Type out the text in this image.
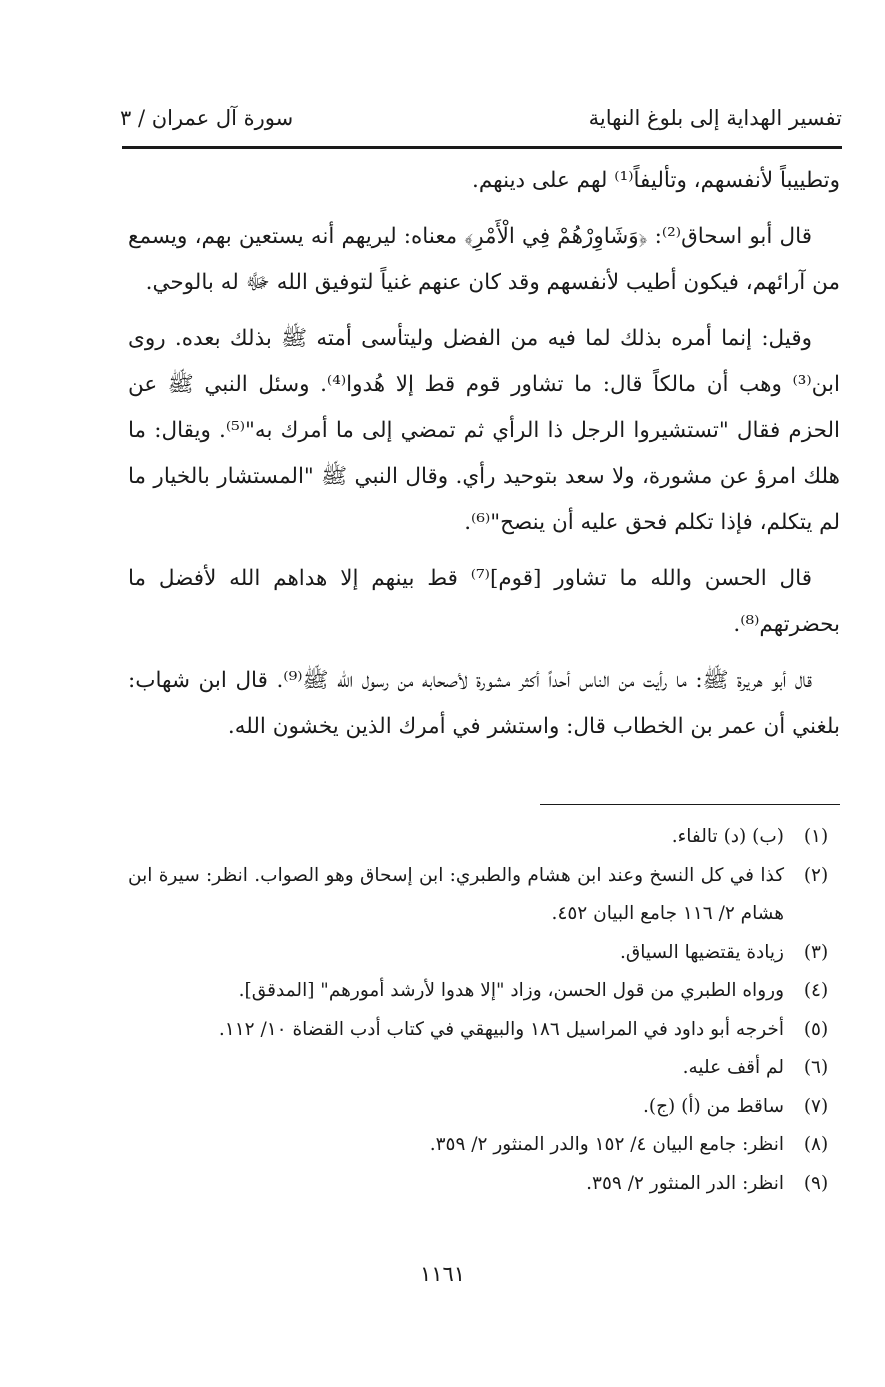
تفسير الهداية إلى بلوغ النهاية
سورة آل عمران / ٣

وتطييباً لأنفسهم، وتأليفاً⁽¹⁾ لهم على دينهم.

قال أبو اسحاق⁽²⁾: ﴿وَشَاوِرْهُمْ فِي الْأَمْرِ﴾ معناه: ليريهم أنه يستعين بهم، ويسمع من آرائهم، فيكون أطيب لأنفسهم وقد كان عنهم غنياً لتوفيق الله ﷻ له بالوحي.

وقيل: إنما أمره بذلك لما فيه من الفضل وليتأسى أمته ﷺ بذلك بعده. روى ابن⁽³⁾ وهب أن مالكاً قال: ما تشاور قوم قط إلا هُدوا⁽⁴⁾. وسئل النبي ﷺ عن الحزم فقال "تستشيروا الرجل ذا الرأي ثم تمضي إلى ما أمرك به"⁽⁵⁾. ويقال: ما هلك امرؤ عن مشورة، ولا سعد بتوحيد رأي. وقال النبي ﷺ "المستشار بالخيار ما لم يتكلم، فإذا تكلم فحق عليه أن ينصح"⁽⁶⁾.

قال الحسن والله ما تشاور [قوم]⁽⁷⁾ قط بينهم إلا هداهم الله لأفضل ما بحضرتهم⁽⁸⁾.

قال أبو هريرة ﷺ: ما رأيت من الناس أحداً أكثر مشورة لأصحابه من رسول الله ﷺ⁽⁹⁾. قال ابن شهاب: بلغني أن عمر بن الخطاب قال: واستشر في أمرك الذين يخشون الله.

(١)
(ب) (د) تالفاء.
(٢)
كذا في كل النسخ وعند ابن هشام والطبري: ابن إسحاق وهو الصواب. انظر: سيرة ابن هشام ٢/ ١١٦ جامع البيان ٤٥٢.
(٣)
زيادة يقتضيها السياق.
(٤)
ورواه الطبري من قول الحسن، وزاد "إلا هدوا لأرشد أمورهم" [المدقق].
(٥)
أخرجه أبو داود في المراسيل ١٨٦ والبيهقي في كتاب أدب القضاة ١٠/ ١١٢.
(٦)
لم أقف عليه.
(٧)
ساقط من (أ) (ج).
(٨)
انظر: جامع البيان ٤/ ١٥٢ والدر المنثور ٢/ ٣٥٩.
(٩)
انظر: الدر المنثور ٢/ ٣٥٩.
١١٦١
